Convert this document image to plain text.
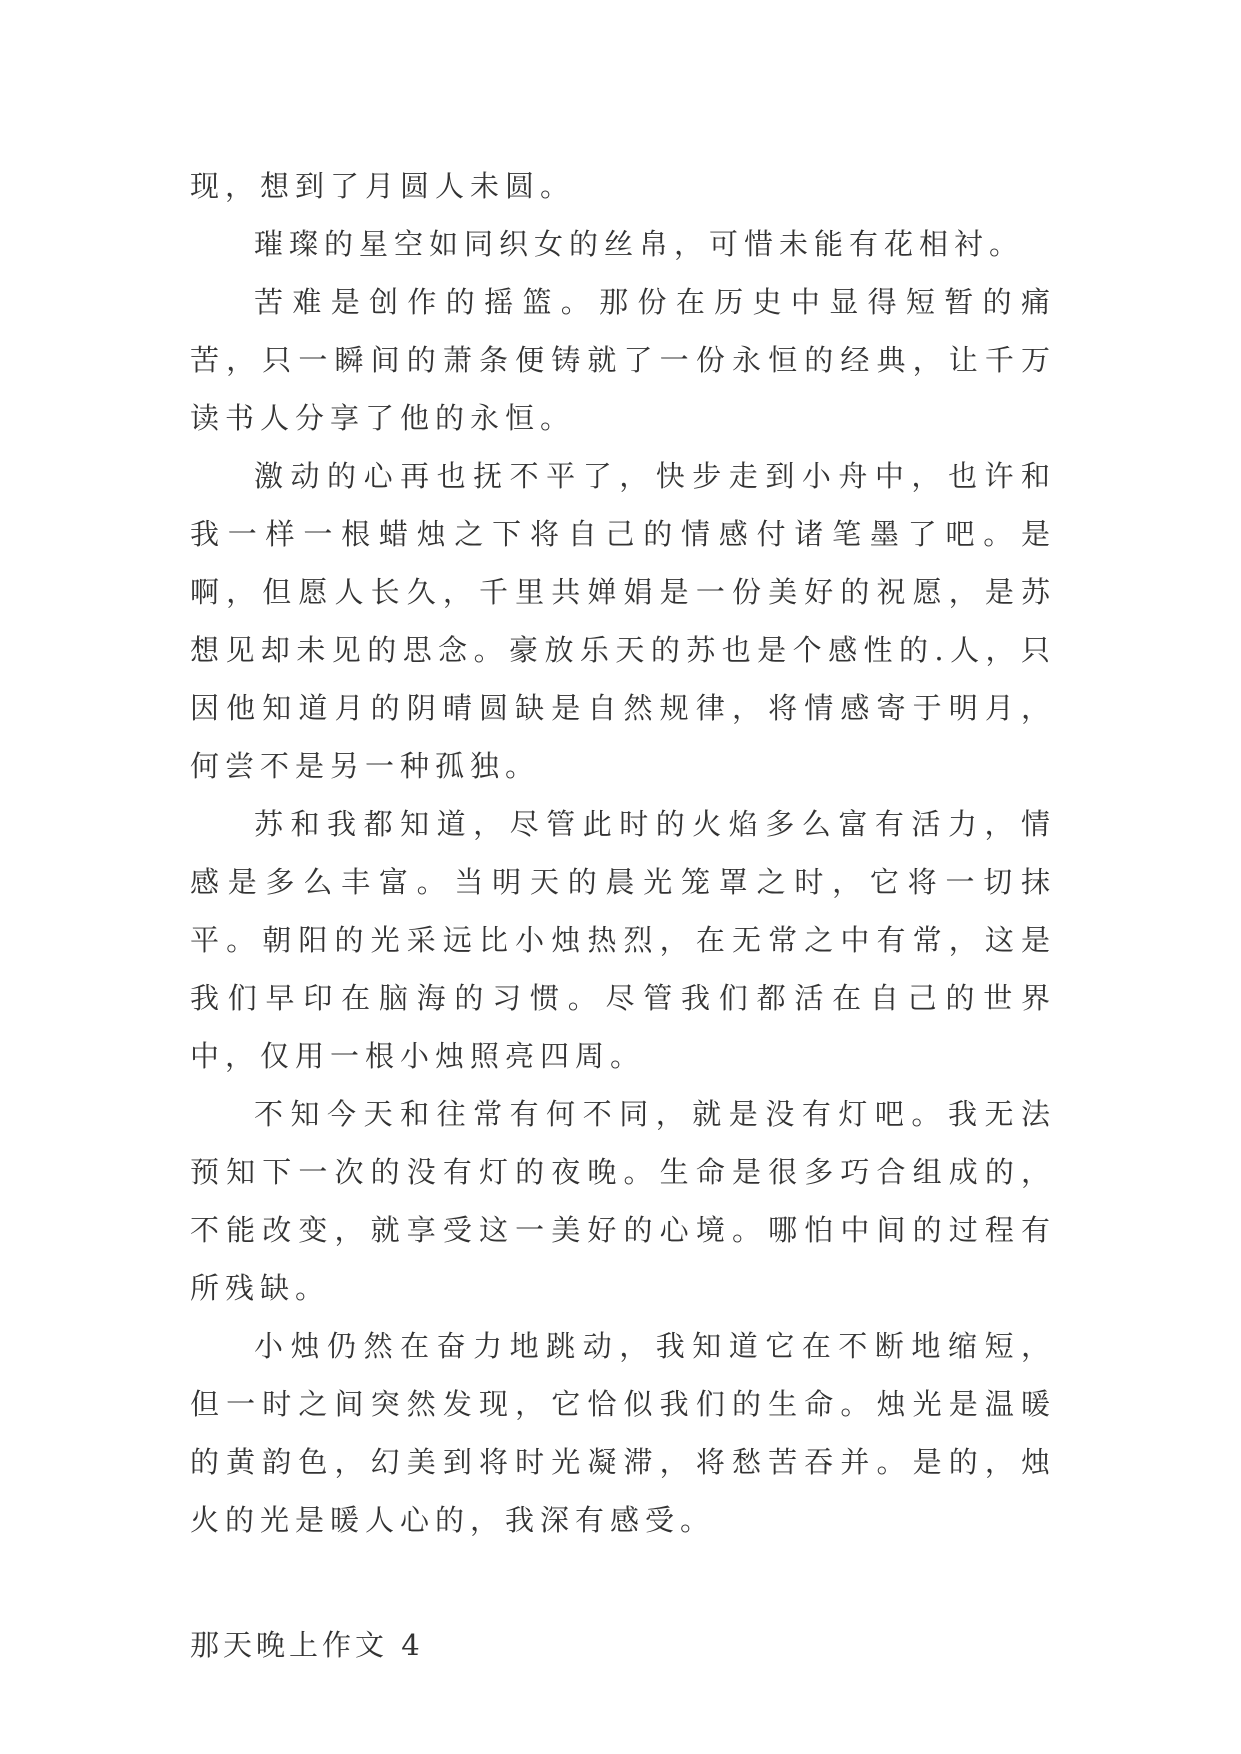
现，想到了月圆人未圆。

璀璨的星空如同织女的丝帛，可惜未能有花相衬。

苦难是创作的摇篮。那份在历史中显得短暂的痛苦，只一瞬间的萧条便铸就了一份永恒的经典，让千万读书人分享了他的永恒。

激动的心再也抚不平了，快步走到小舟中，也许和我一样一根蜡烛之下将自己的情感付诸笔墨了吧。是啊，但愿人长久，千里共婵娟是一份美好的祝愿，是苏想见却未见的思念。豪放乐天的苏也是个感性的.人，只因他知道月的阴晴圆缺是自然规律，将情感寄于明月，何尝不是另一种孤独。

苏和我都知道，尽管此时的火焰多么富有活力，情感是多么丰富。当明天的晨光笼罩之时，它将一切抹平。朝阳的光采远比小烛热烈，在无常之中有常，这是我们早印在脑海的习惯。尽管我们都活在自己的世界中，仅用一根小烛照亮四周。

不知今天和往常有何不同，就是没有灯吧。我无法预知下一次的没有灯的夜晚。生命是很多巧合组成的，不能改变，就享受这一美好的心境。哪怕中间的过程有所残缺。

小烛仍然在奋力地跳动，我知道它在不断地缩短，但一时之间突然发现，它恰似我们的生命。烛光是温暖的黄韵色，幻美到将时光凝滞，将愁苦吞并。是的，烛火的光是暖人心的，我深有感受。

那天晚上作文 4
